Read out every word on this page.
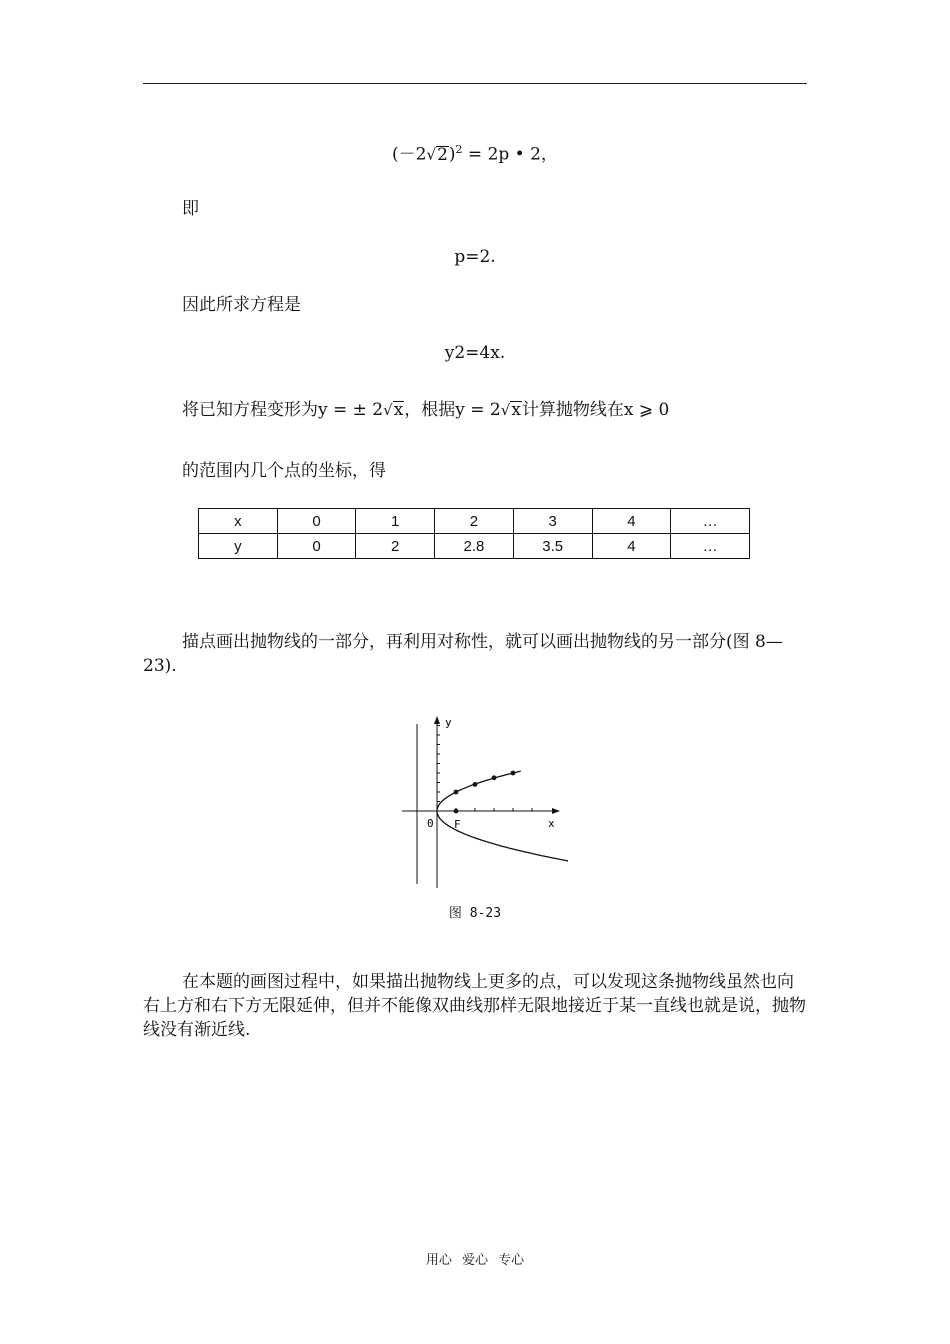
$(-2√2)^2 = 2p$ • 2，
即
p=2.
因此所求方程是
y2=4x.
将已知方程变形为y = ± 2√x，根据y = 2√x计算抛物线在x ⩾ 0
的范围内几个点的坐标，得
x	0	1	2	3	4	…
y	0	2	2.8	3.5	4	…
描点画出抛物线的一部分，再利用对称性，就可以画出抛物线的另一部分(图 8—23).
y
x
0 F
图 8-23
在本题的画图过程中，如果描出抛物线上更多的点，可以发现这条抛物线虽然也向右上方和右下方无限延伸，但并不能像双曲线那样无限地接近于某一直线也就是说，抛物线没有渐近线.
用心 爱心 专心
